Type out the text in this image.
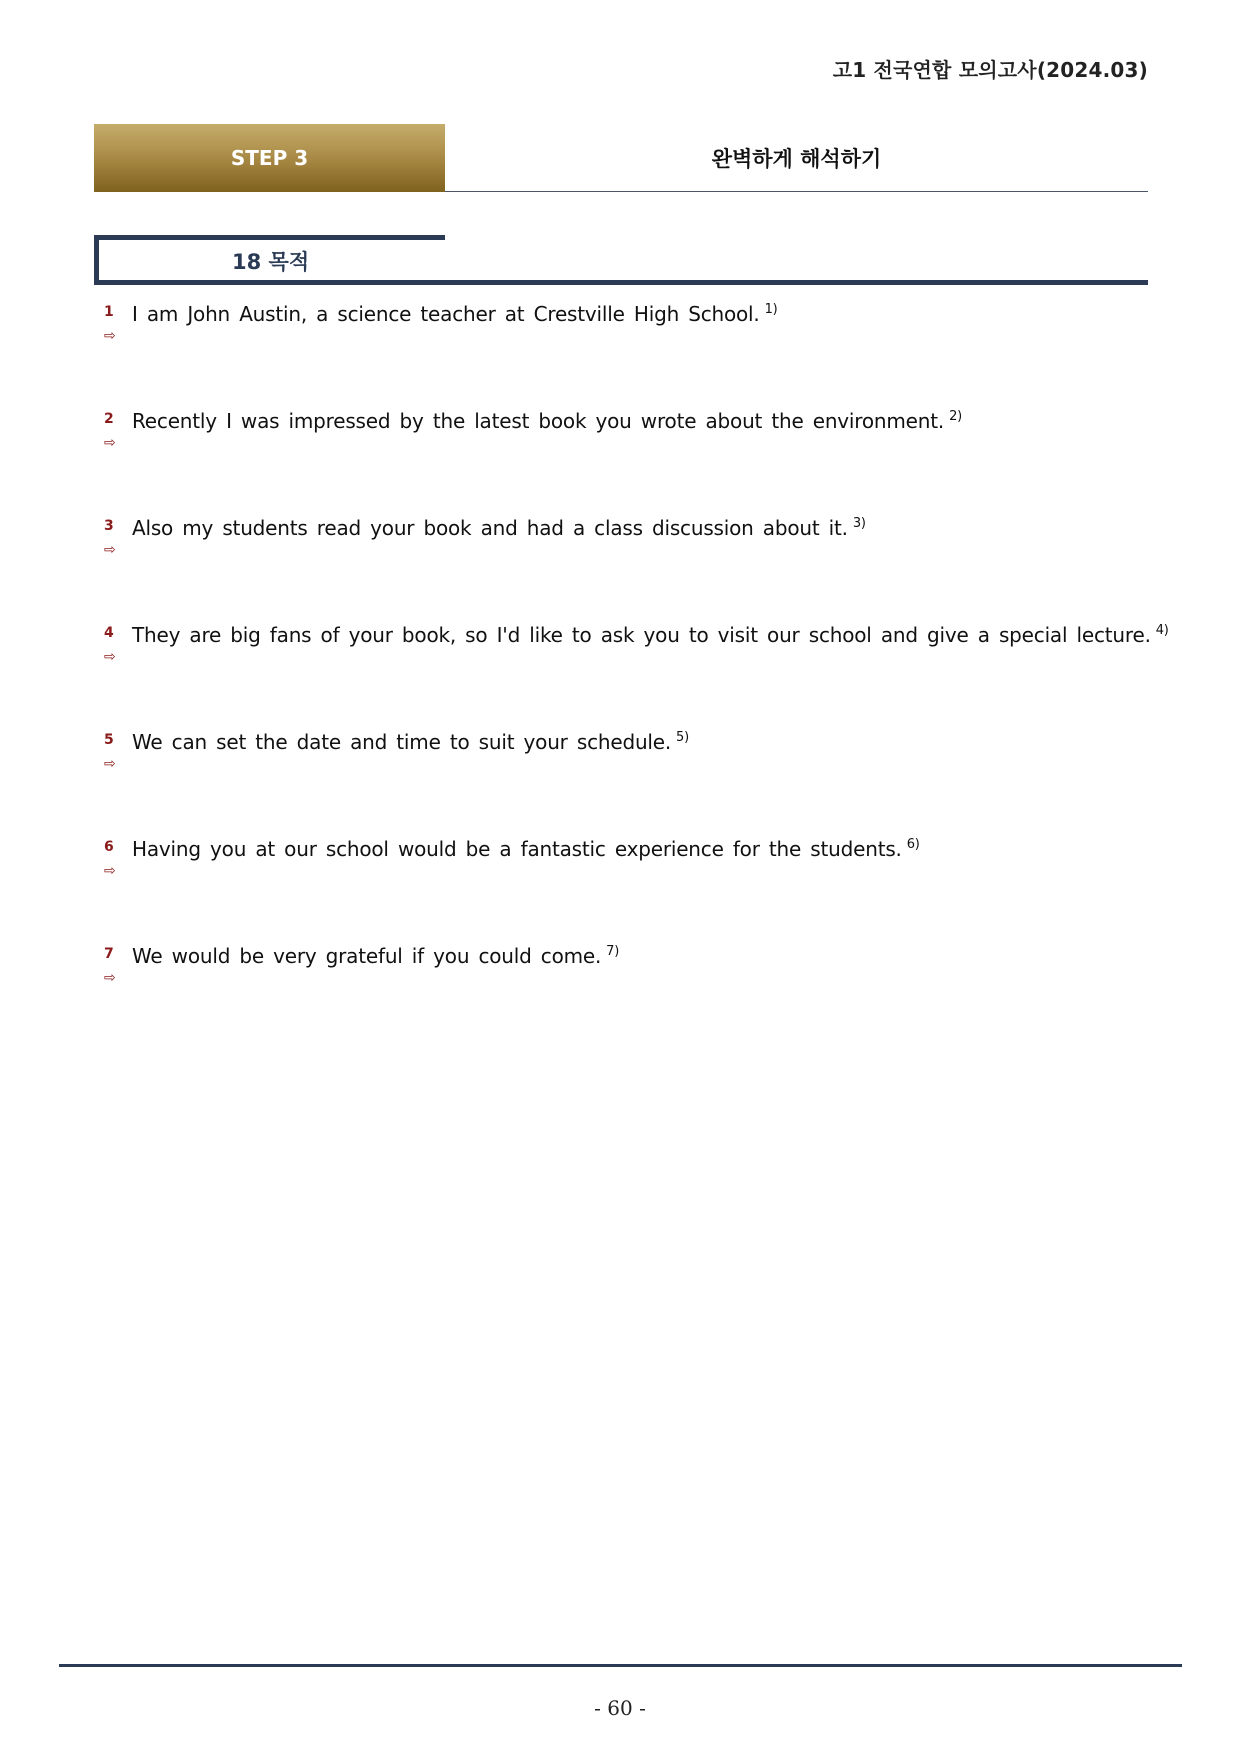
고1 전국연합 모의고사(2024.03)
STEP 3	완벽하게 해석하기
18 목적
1 I am John Austin, a science teacher at Crestville High School. $^{1)}$
⇨
2 Recently I was impressed by the latest book you wrote about the environment. $^{2)}$
⇨
3 Also my students read your book and had a class discussion about it. $^{3)}$
⇨
4 They are big fans of your book, so I'd like to ask you to visit our school and give a special lecture. $^{4)}$
⇨
5 We can set the date and time to suit your schedule. $^{5)}$
⇨
6 Having you at our school would be a fantastic experience for the students. $^{6)}$
⇨
7 We would be very grateful if you could come. $^{7)}$
⇨
- 60 -
